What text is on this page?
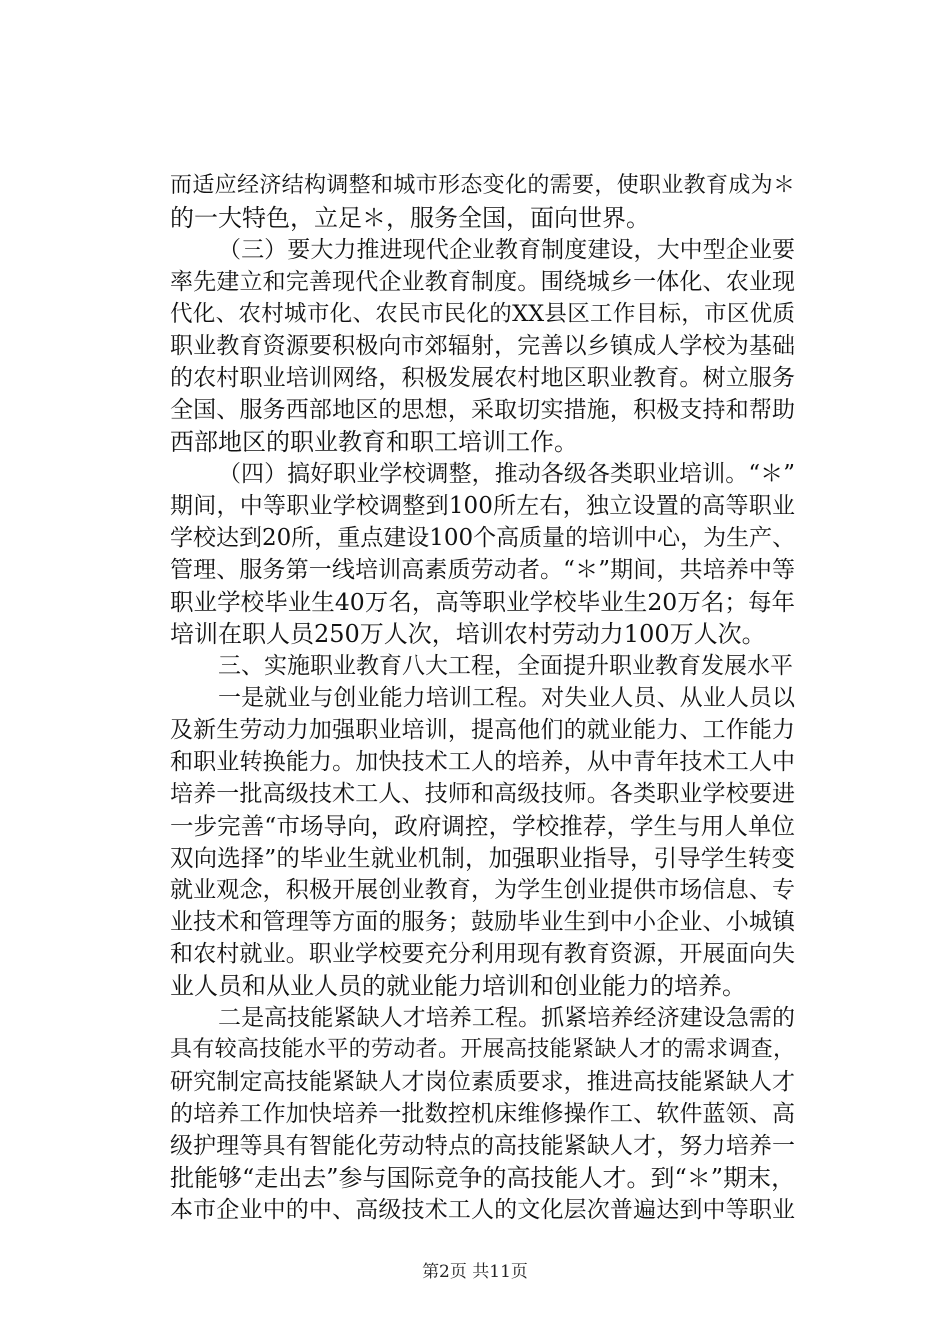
而适应经济结构调整和城市形态变化的需要，使职业教育成为＊
的一大特色，立足＊，服务全国，面向世界。
（三）要大力推进现代企业教育制度建设，大中型企业要
率先建立和完善现代企业教育制度。围绕城乡一体化、农业现
代化、农村城市化、农民市民化的XX县区工作目标，市区优质
职业教育资源要积极向市郊辐射，完善以乡镇成人学校为基础
的农村职业培训网络，积极发展农村地区职业教育。树立服务
全国、服务西部地区的思想，采取切实措施，积极支持和帮助
西部地区的职业教育和职工培训工作。
（四）搞好职业学校调整，推动各级各类职业培训。“＊”
期间，中等职业学校调整到100所左右，独立设置的高等职业
学校达到20所，重点建设100个高质量的培训中心，为生产、
管理、服务第一线培训高素质劳动者。“＊”期间，共培养中等
职业学校毕业生40万名，高等职业学校毕业生20万名；每年
培训在职人员250万人次，培训农村劳动力100万人次。
三、实施职业教育八大工程，全面提升职业教育发展水平
一是就业与创业能力培训工程。对失业人员、从业人员以
及新生劳动力加强职业培训，提高他们的就业能力、工作能力
和职业转换能力。加快技术工人的培养，从中青年技术工人中
培养一批高级技术工人、技师和高级技师。各类职业学校要进
一步完善“市场导向，政府调控，学校推荐，学生与用人单位
双向选择”的毕业生就业机制，加强职业指导，引导学生转变
就业观念，积极开展创业教育，为学生创业提供市场信息、专
业技术和管理等方面的服务；鼓励毕业生到中小企业、小城镇
和农村就业。职业学校要充分利用现有教育资源，开展面向失
业人员和从业人员的就业能力培训和创业能力的培养。
二是高技能紧缺人才培养工程。抓紧培养经济建设急需的
具有较高技能水平的劳动者。开展高技能紧缺人才的需求调查，
研究制定高技能紧缺人才岗位素质要求，推进高技能紧缺人才
的培养工作加快培养一批数控机床维修操作工、软件蓝领、高
级护理等具有智能化劳动特点的高技能紧缺人才，努力培养一
批能够“走出去”参与国际竞争的高技能人才。到“＊”期末，
本市企业中的中、高级技术工人的文化层次普遍达到中等职业
第2页 共11页
